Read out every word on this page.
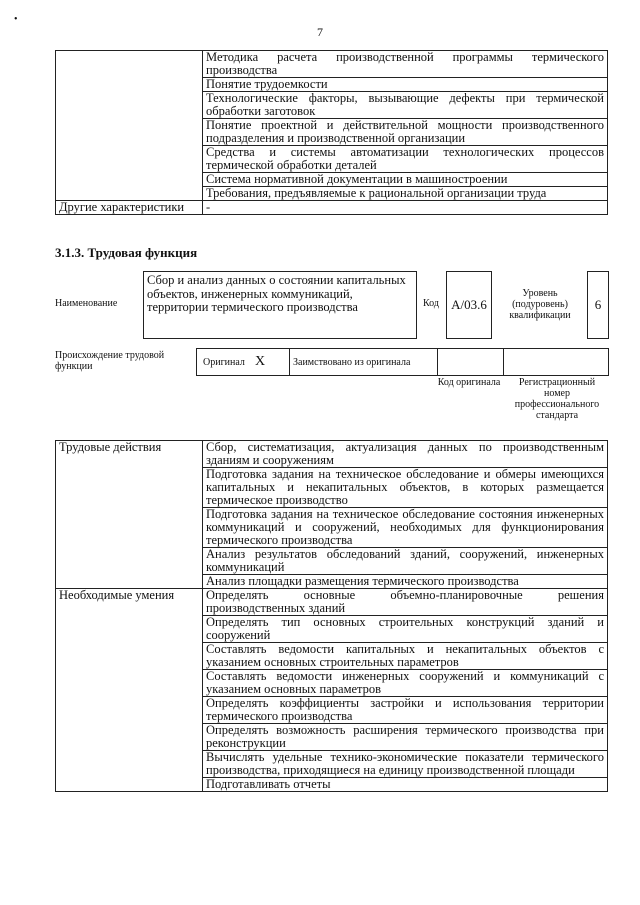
•
7
	Методика расчета производственной программы термического производства
	Понятие трудоемкости
	Технологические факторы, вызывающие дефекты при термической обработки заготовок
	Понятие проектной и действительной мощности производственного подразделения и производственной организации
	Средства и системы автоматизации технологических процессов термической обработки деталей
	Система нормативной документации в машиностроении
	Требования, предъявляемые к рациональной организации труда
Другие характеристики	-
3.1.3. Трудовая функция
Наименование
Сбор и анализ данных о состоянии капитальных объектов, инженерных коммуникаций, территории термического производства	Код А/03.6
Уровень (подуровень) квалификации
6
Происхождение трудовой функции	Оригинал Х	Заимствовано из оригинала
Код оригинала	Регистрационный номер профессионального стандарта
Трудовые действия	Сбор, систематизация, актуализация данных по производственным зданиям и сооружениям
	Подготовка задания на техническое обследование и обмеры имеющихся капитальных и некапитальных объектов, в которых размещается термическое производство
	Подготовка задания на техническое обследование состояния инженерных коммуникаций и сооружений, необходимых для функционирования термического производства
	Анализ результатов обследований зданий, сооружений, инженерных коммуникаций
	Анализ площадки размещения термического производства
Необходимые умения	Определять основные объемно-планировочные решения производственных зданий
	Определять тип основных строительных конструкций зданий и сооружений
	Составлять ведомости капитальных и некапитальных объектов с указанием основных строительных параметров
	Составлять ведомости инженерных сооружений и коммуникаций с указанием основных параметров
	Определять коэффициенты застройки и использования территории термического производства
	Определять возможность расширения термического производства при реконструкции
	Вычислять удельные технико-экономические показатели термического производства, приходящиеся на единицу производственной площади
	Подготавливать отчеты
